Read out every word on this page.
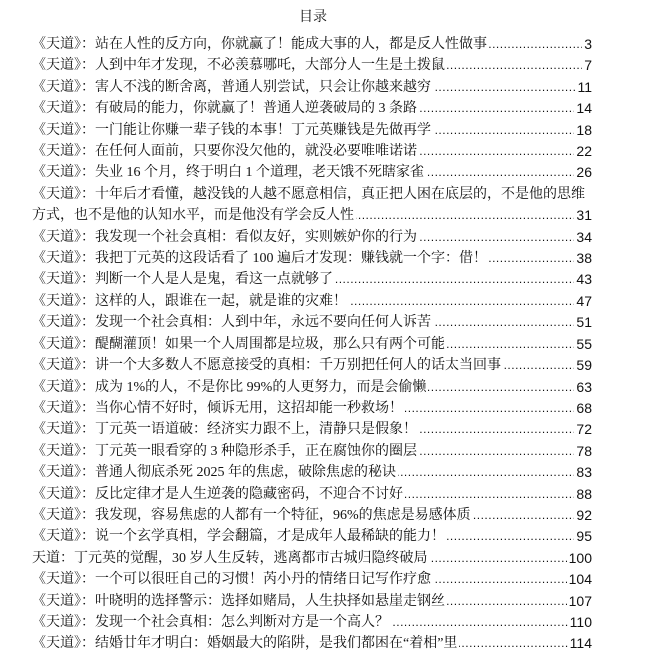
目录
《天道》：站在人性的反方向，你就赢了！能成大事的人，都是反人性做事	3
.....
《天道》：人到中年才发现，不必羡慕哪吒，大部分人一生是土拨鼠	7
.....
《天道》：害人不浅的断舍离，普通人别尝试，只会让你越来越穷	11
.....
《天道》：有破局的能力，你就赢了！普通人逆袭破局的 3 条路	14
.....
《天道》：一门能让你赚一辈子钱的本事！丁元英赚钱是先做再学	18
.....
《天道》：在任何人面前，只要你没欠他的，就没必要唯唯诺诺	22
.....
《天道》：失业 16 个月，终于明白 1 个道理，老天饿不死瞎家雀	26
.....
《天道》：十年后才看懂，越没钱的人越不愿意相信，真正把人困在底层的，不是他的思维方式，也不是他的认知水平，而是他没有学会反人性	31
.....
《天道》：我发现一个社会真相：看似友好，实则嫉妒你的行为	34
.....
《天道》：我把丁元英的这段话看了 100 遍后才发现：赚钱就一个字：借！	38
.....
《天道》：判断一个人是人是鬼，看这一点就够了	43
.....
《天道》：这样的人，跟谁在一起，就是谁的灾难！	47
.....
《天道》：发现一个社会真相：人到中年，永远不要向任何人诉苦	51
.....
《天道》：醍醐灌顶！如果一个人周围都是垃圾，那么只有两个可能	55
.....
《天道》：讲一个大多数人不愿意接受的真相：千万别把任何人的话太当回事	59
.....
《天道》：成为 1%的人，不是你比 99%的人更努力，而是会偷懒	63
.....
《天道》：当你心情不好时，倾诉无用，这招却能一秒救场！	68
.....
《天道》：丁元英一语道破：经济实力跟不上，清静只是假象！	72
.....
《天道》：丁元英一眼看穿的 3 种隐形杀手，正在腐蚀你的圈层	78
.....
《天道》：普通人彻底杀死 2025 年的焦虑，破除焦虑的秘诀	83
.....
《天道》：反比定律才是人生逆袭的隐藏密码，不迎合不讨好	88
.....
《天道》：我发现，容易焦虑的人都有一个特征，96%的焦虑是易感体质	92
.....
《天道》：说一个玄学真相，学会翻篇，才是成年人最稀缺的能力！	95
.....
天道：丁元英的觉醒，30 岁人生反转，逃离都市古城归隐终破局	100
.....
《天道》：一个可以很旺自己的习惯！芮小丹的情绪日记写作疗愈	104
.....
《天道》：叶晓明的选择警示：选择如赌局，人生抉择如悬崖走钢丝	107
.....
《天道》：发现一个社会真相：怎么判断对方是一个高人？	110
.....
《天道》：结婚廿年才明白：婚姻最大的陷阱，是我们都困在“着相”里	114
.....
